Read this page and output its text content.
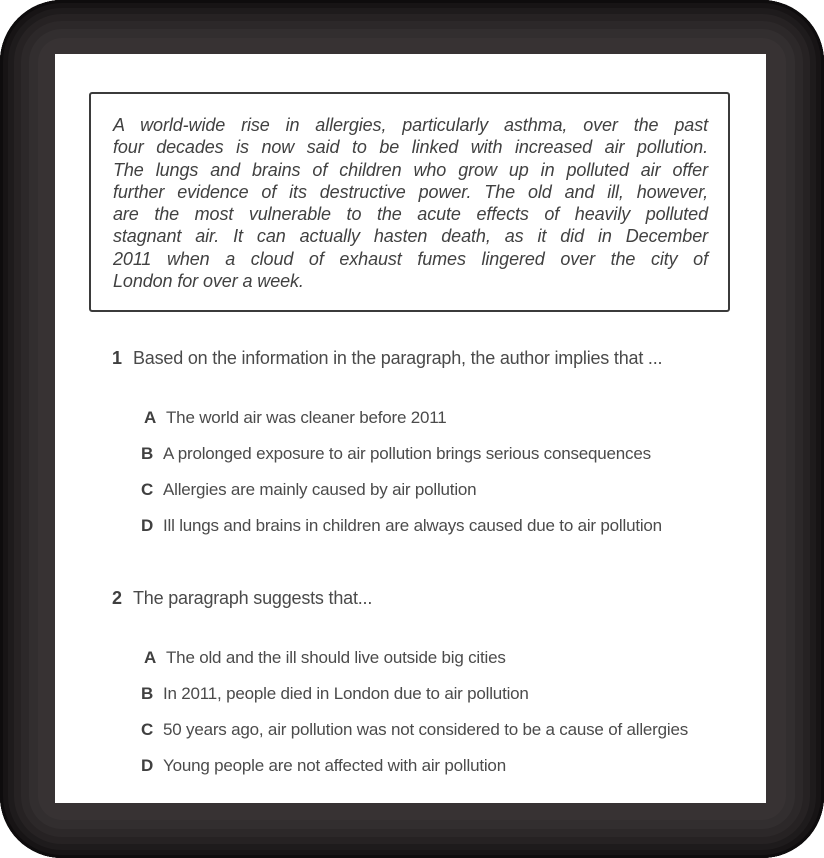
A world-wide rise in allergies, particularly asthma, over the past
four decades is now said to be linked with increased air pollution.
The lungs and brains of children who grow up in polluted air offer
further evidence of its destructive power. The old and ill, however,
are the most vulnerable to the acute effects of heavily polluted
stagnant air. It can actually hasten death, as it did in December
2011 when a cloud of exhaust fumes lingered over the city of
London for over a week.
1 Based on the information in the paragraph, the author implies that ...
A The world air was cleaner before 2011
B A prolonged exposure to air pollution brings serious consequences
C Allergies are mainly caused by air pollution
D Ill lungs and brains in children are always caused due to air pollution
2 The paragraph suggests that...
A The old and the ill should live outside big cities
B In 2011, people died in London due to air pollution
C 50 years ago, air pollution was not considered to be a cause of allergies
D Young people are not affected with air pollution
